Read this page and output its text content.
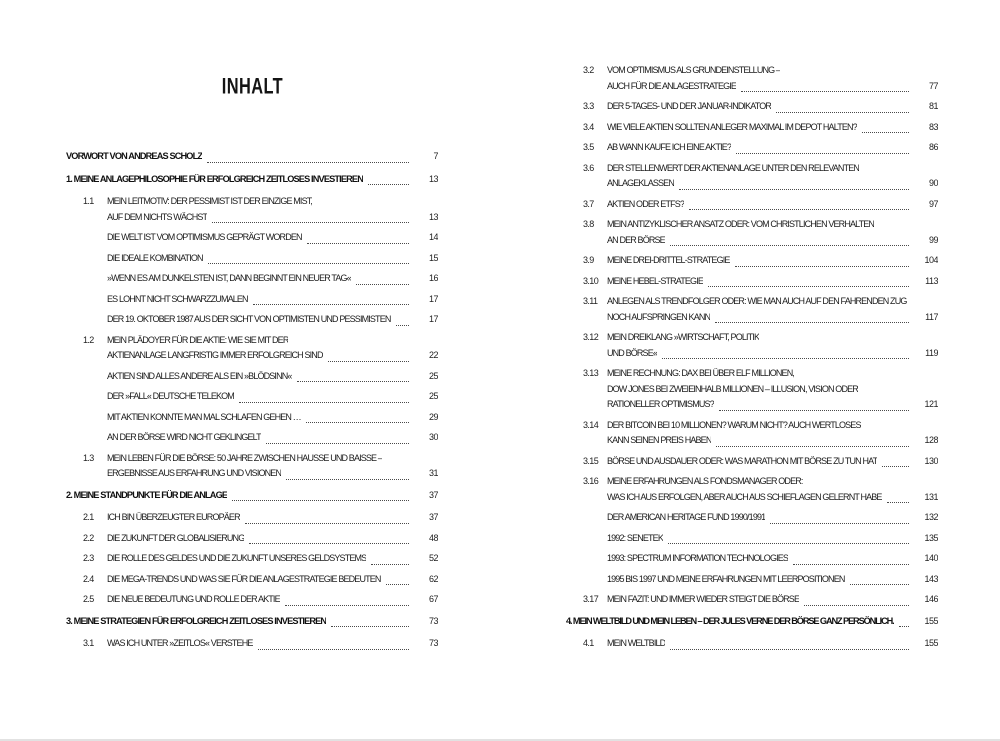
INHALT
VORWORT VON ANDREAS SCHOLZ	7
1. MEINE ANLAGEPHILOSOPHIE FÜR ERFOLGREICH ZEITLOSES INVESTIEREN	13
1.1	MEIN LEITMOTIV: DER PESSIMIST IST DER EINZIGE MIST,
AUF DEM NICHTS WÄCHST	13
DIE WELT IST VOM OPTIMISMUS GEPRÄGT WORDEN	14
DIE IDEALE KOMBINATION	15
»WENN ES AM DUNKELSTEN IST, DANN BEGINNT EIN NEUER TAG«	16
ES LOHNT NICHT SCHWARZZUMALEN	17
DER 19. OKTOBER 1987 AUS DER SICHT VON OPTIMISTEN UND PESSIMISTEN	17
1.2	MEIN PLÄDOYER FÜR DIE AKTIE: WIE SIE MIT DER
AKTIENANLAGE LANGFRISTIG IMMER ERFOLGREICH SIND	22
AKTIEN SIND ALLES ANDERE ALS EIN »BLÖDSINN«	25
DER »FALL« DEUTSCHE TELEKOM	25
MIT AKTIEN KONNTE MAN MAL SCHLAFEN GEHEN …	29
AN DER BÖRSE WIRD NICHT GEKLINGELT	30
1.3	MEIN LEBEN FÜR DIE BÖRSE: 50 JAHRE ZWISCHEN HAUSSE UND BAISSE –
ERGEBNISSE AUS ERFAHRUNG UND VISIONEN	31
2. MEINE STANDPUNKTE FÜR DIE ANLAGE	37
2.1	ICH BIN ÜBERZEUGTER EUROPÄER	37
2.2	DIE ZUKUNFT DER GLOBALISIERUNG	48
2.3	DIE ROLLE DES GELDES UND DIE ZUKUNFT UNSERES GELDSYSTEMS	52
2.4	DIE MEGA-TRENDS UND WAS SIE FÜR DIE ANLAGESTRATEGIE BEDEUTEN	62
2.5	DIE NEUE BEDEUTUNG UND ROLLE DER AKTIE	67
3. MEINE STRATEGIEN FÜR ERFOLGREICH ZEITLOSES INVESTIEREN	73
3.1	WAS ICH UNTER »ZEITLOS« VERSTEHE	73
3.2	VOM OPTIMISMUS ALS GRUNDEINSTELLUNG –
AUCH FÜR DIE ANLAGESTRATEGIE	77
3.3	DER 5-TAGES- UND DER JANUAR-INDIKATOR	81
3.4	WIE VIELE AKTIEN SOLLTEN ANLEGER MAXIMAL IM DEPOT HALTEN?	83
3.5	AB WANN KAUFE ICH EINE AKTIE?	86
3.6	DER STELLENWERT DER AKTIENANLAGE UNTER DEN RELEVANTEN
ANLAGEKLASSEN	90
3.7	AKTIEN ODER ETFS?	97
3.8	MEIN ANTIZYKLISCHER ANSATZ ODER: VOM CHRISTLICHEN VERHALTEN
AN DER BÖRSE	99
3.9	MEINE DREI-DRITTEL-STRATEGIE	104
3.10 MEINE HEBEL-STRATEGIE	113
3.11	ANLEGEN ALS TRENDFOLGER ODER: WIE MAN AUCH AUF DEN FAHRENDEN ZUG
NOCH AUFSPRINGEN KANN	117
3.12 MEIN DREIKLANG »WIRTSCHAFT, POLITIK
UND BÖRSE«	119
3.13 MEINE RECHNUNG: DAX BEI ÜBER ELF MILLIONEN,
DOW JONES BEI ZWEIEINHALB MILLIONEN – ILLUSION, VISION ODER
RATIONELLER OPTIMISMUS?	121
3.14 DER BITCOIN BEI 10 MILLIONEN? WARUM NICHT? AUCH WERTLOSES
KANN SEINEN PREIS HABEN	128
3.15 BÖRSE UND AUSDAUER ODER: WAS MARATHON MIT BÖRSE ZU TUN HAT	130
3.16 MEINE ERFAHRUNGEN ALS FONDSMANAGER ODER:
WAS ICH AUS ERFOLGEN, ABER AUCH AUS SCHIEFLAGEN GELERNT HABE	131
DER AMERICAN HERITAGE FUND 1990/1991	132
1992: SENETEK	135
1993: SPECTRUM INFORMATION TECHNOLOGIES	140
1995 BIS 1997 UND MEINE ERFAHRUNGEN MIT LEERPOSITIONEN	143
3.17 MEIN FAZIT: UND IMMER WIEDER STEIGT DIE BÖRSE	146
4. MEIN WELTBILD UND MEIN LEBEN – DER JULES VERNE DER BÖRSE GANZ PERSÖNLICH.	155
4.1	MEIN WELTBILD	155
